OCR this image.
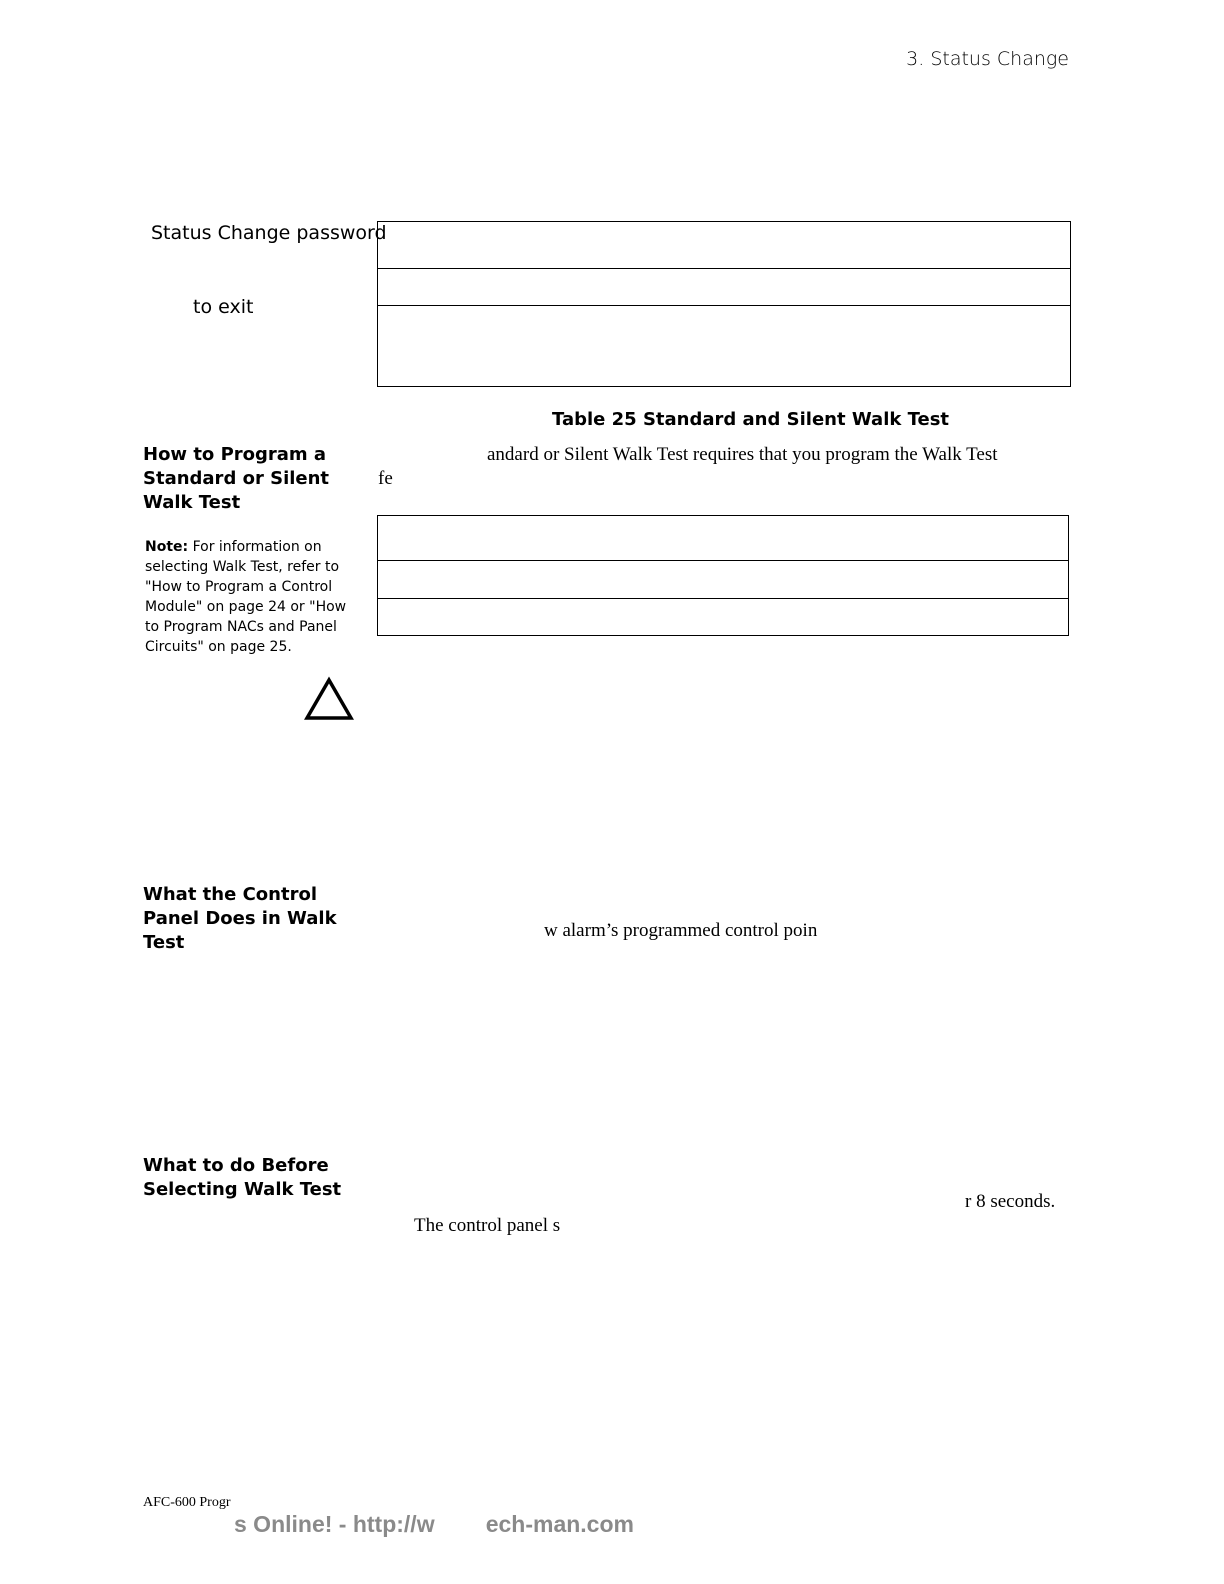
3. Status Change
Status Change password
to exit
Table 25 Standard and Silent Walk Test
How to Program a Standard or Silent Walk Test
andard or Silent Walk Test requires that you program the Walk Test
fe
Note: For information on selecting Walk Test, refer to "How to Program a Control Module" on page 24 or "How to Program NACs and Panel Circuits" on page 25.
What the Control Panel Does in Walk Test
w alarm’s programmed control poin
What to do Before Selecting Walk Test
r 8 seconds.
The control panel s
AFC-600 Progr
s Online! - http://w        ech-man.com
